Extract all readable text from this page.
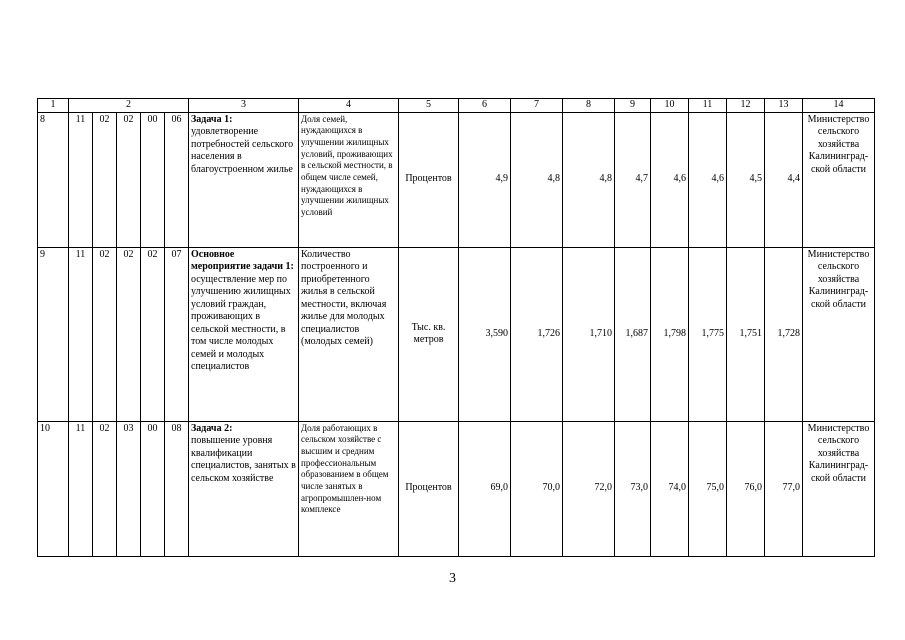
1	2					3	4	5	6	7	8	9	10	11	12	13	14
8	11	02	02	00	06	Задача 1:
удовлетворение потребностей сельского населения в благоустроенном жилье	Доля семей, нуждающихся в улучшении жилищных условий, проживающих в сельской местности, в общем числе семей, нуждающихся в улучшении жилищных условий	Процентов	4,9	4,8	4,8	4,7	4,6	4,6	4,5	4,4	Министерство сельского хозяйства Калининград-ской области
9	11	02	02	02	07	Основное мероприятие задачи 1:
осуществление мер по улучшению жилищных условий граждан, проживающих в сельской местности, в том числе молодых семей и молодых специалистов	Количество построенного и приобретенного жилья в сельской местности, включая жилье для молодых специалистов (молодых семей)	Тыс. кв. метров	3,590	1,726	1,710	1,687	1,798	1,775	1,751	1,728	Министерство сельского хозяйства Калининград-ской области
10	11	02	03	00	08	Задача 2:
повышение уровня квалификации специалистов, занятых в сельском хозяйстве	Доля работающих в сельском хозяйстве с высшим и средним профессиональным образованием в общем числе занятых в агропромышлен-ном комплексе	Процентов	69,0	70,0	72,0	73,0	74,0	75,0	76,0	77,0	Министерство сельского хозяйства Калининград-ской области
3
